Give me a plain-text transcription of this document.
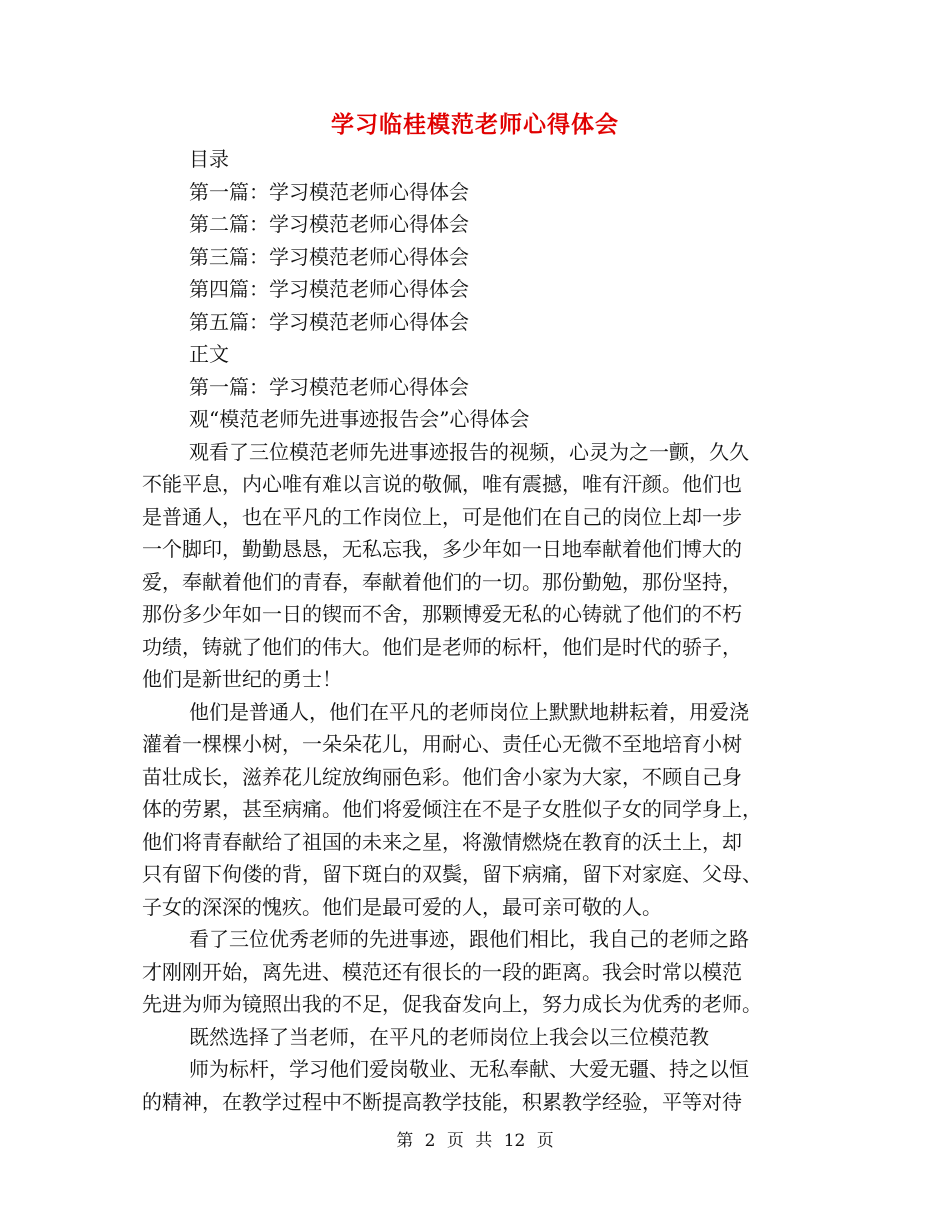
学习临桂模范老师心得体会
目录
第一篇：学习模范老师心得体会
第二篇：学习模范老师心得体会
第三篇：学习模范老师心得体会
第四篇：学习模范老师心得体会
第五篇：学习模范老师心得体会
正文
第一篇：学习模范老师心得体会
观“模范老师先进事迹报告会”心得体会
观看了三位模范老师先进事迹报告的视频，心灵为之一颤，久久
不能平息，内心唯有难以言说的敬佩，唯有震撼，唯有汗颜。他们也
是普通人，也在平凡的工作岗位上，可是他们在自己的岗位上却一步
一个脚印，勤勤恳恳，无私忘我，多少年如一日地奉献着他们博大的
爱，奉献着他们的青春，奉献着他们的一切。那份勤勉，那份坚持，
那份多少年如一日的锲而不舍，那颗博爱无私的心铸就了他们的不朽
功绩，铸就了他们的伟大。他们是老师的标杆，他们是时代的骄子，
他们是新世纪的勇士！
他们是普通人，他们在平凡的老师岗位上默默地耕耘着，用爱浇
灌着一棵棵小树，一朵朵花儿，用耐心、责任心无微不至地培育小树
苗壮成长，滋养花儿绽放绚丽色彩。他们舍小家为大家，不顾自己身
体的劳累，甚至病痛。他们将爱倾注在不是子女胜似子女的同学身上，
他们将青春献给了祖国的未来之星，将激情燃烧在教育的沃土上，却
只有留下佝偻的背，留下斑白的双鬓，留下病痛，留下对家庭、父母、
子女的深深的愧疚。他们是最可爱的人，最可亲可敬的人。
看了三位优秀老师的先进事迹，跟他们相比，我自己的老师之路
才刚刚开始，离先进、模范还有很长的一段的距离。我会时常以模范
先进为师为镜照出我的不足，促我奋发向上，努力成长为优秀的老师。
既然选择了当老师，在平凡的老师岗位上我会以三位模范教
师为标杆，学习他们爱岗敬业、无私奉献、大爱无疆、持之以恒
的精神，在教学过程中不断提高教学技能，积累教学经验，平等对待
第 2 页 共 12 页
